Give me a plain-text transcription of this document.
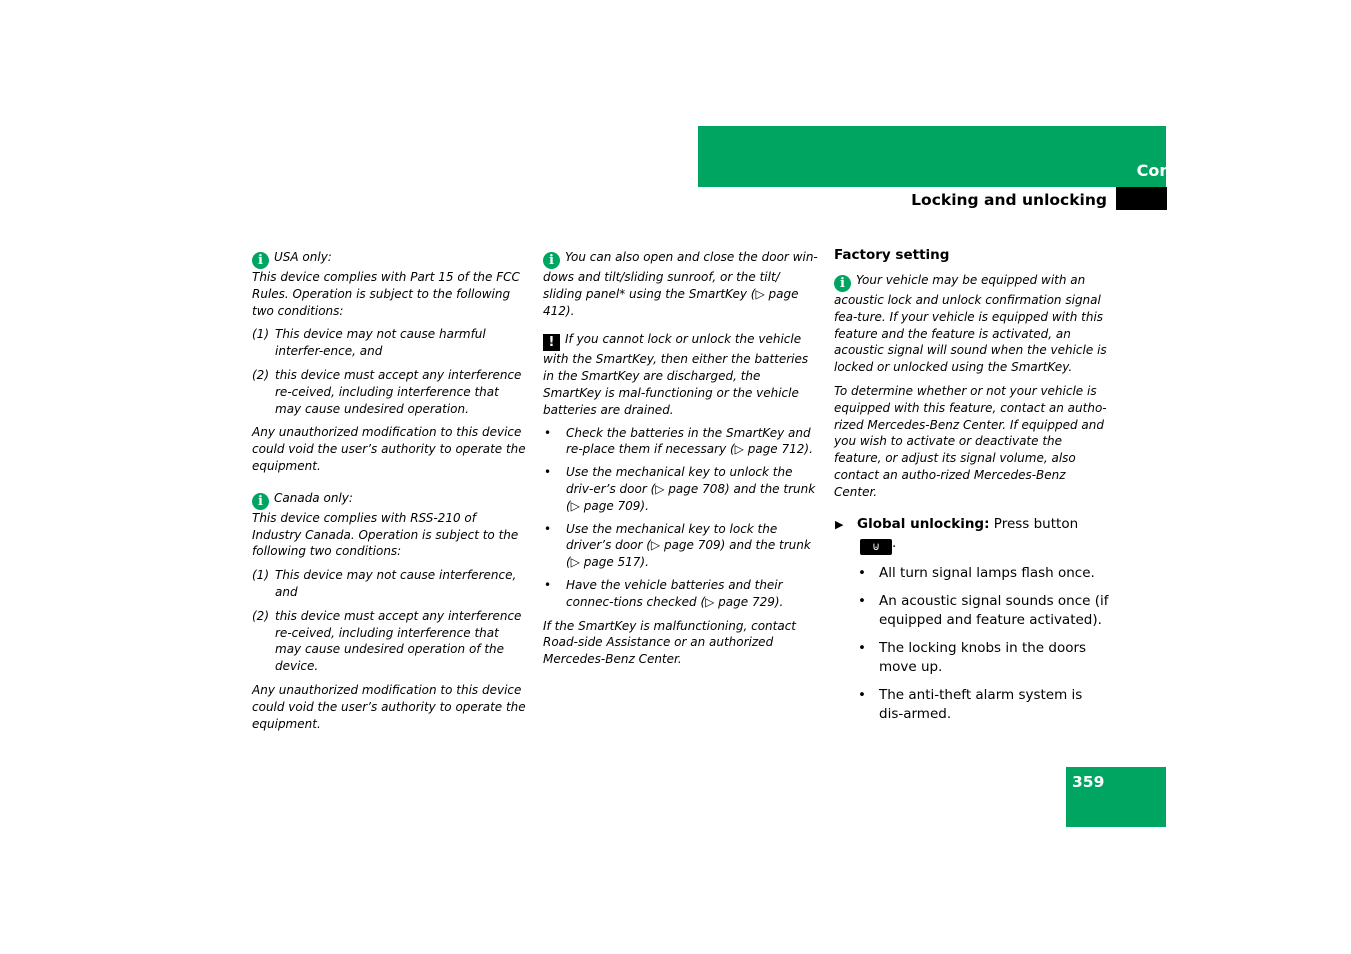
Controls in detail
Locking and unlocking

i USA only:
This device complies with Part 15 of the FCC Rules. Operation is subject to the following two conditions:

(1) This device may not cause harmful interfer-ence, and
(2) this device must accept any interference re-ceived, including interference that may cause undesired operation.

Any unauthorized modification to this device could void the user’s authority to operate the equipment.

i Canada only:
This device complies with RSS-210 of Industry Canada. Operation is subject to the following two conditions:

(1) This device may not cause interference, and
(2) this device must accept any interference re-ceived, including interference that may cause undesired operation of the device.

Any unauthorized modification to this device could void the user’s authority to operate the equipment.

i You can also open and close the door win-dows and tilt/sliding sunroof, or the tilt/ sliding panel* using the SmartKey (▷ page 412).

! If you cannot lock or unlock the vehicle with the SmartKey, then either the batteries in the SmartKey are discharged, the SmartKey is mal-functioning or the vehicle batteries are drained.

• Check the batteries in the SmartKey and re-place them if necessary (▷ page 712).
• Use the mechanical key to unlock the driv-er’s door (▷ page 708) and the trunk (▷ page 709).
• Use the mechanical key to lock the driver’s door (▷ page 709) and the trunk (▷ page 517).
• Have the vehicle batteries and their connec-tions checked (▷ page 729).

If the SmartKey is malfunctioning, contact Road-side Assistance or an authorized Mercedes-Benz Center.

Factory setting

i Your vehicle may be equipped with an acoustic lock and unlock confirmation signal fea-ture. If your vehicle is equipped with this feature and the feature is activated, an acoustic signal will sound when the vehicle is locked or unlocked using the SmartKey.

To determine whether or not your vehicle is equipped with this feature, contact an autho-rized Mercedes-Benz Center. If equipped and you wish to activate or deactivate the feature, or adjust its signal volume, also contact an autho-rized Mercedes-Benz Center.

▶ Global unlocking: Press button ⊍ .
• All turn signal lamps flash once.
• An acoustic signal sounds once (if equipped and feature activated).
• The locking knobs in the doors move up.
• The anti-theft alarm system is dis-armed.
359
